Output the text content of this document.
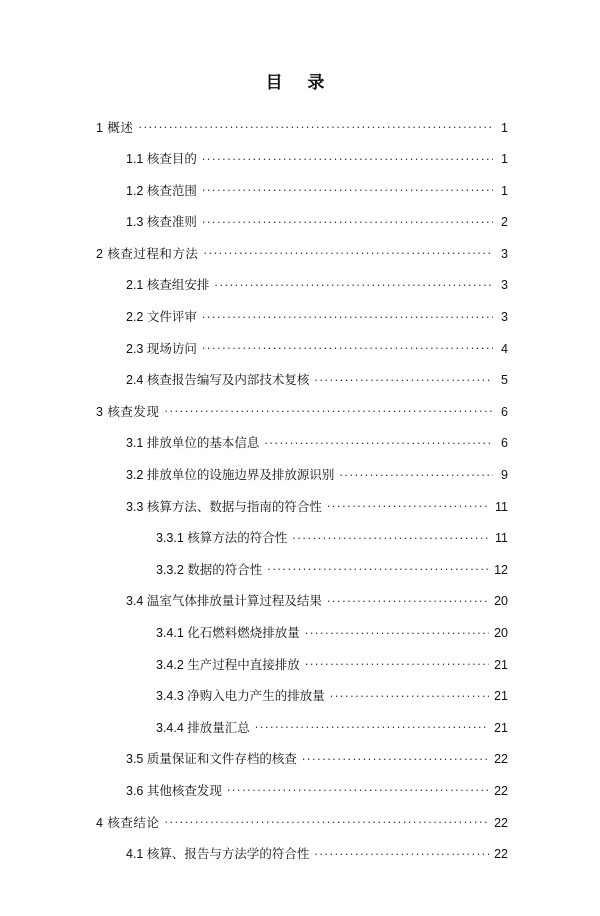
目 录
1 概述 .....	1
1.1 核查目的 .....	1
1.2 核查范围 .....	1
1.3 核查准则 .....	2
2 核查过程和方法 .....	3
2.1 核查组安排 .....	3
2.2 文件评审 .....	3
2.3 现场访问 .....	4
2.4 核查报告编写及内部技术复核 .....	5
3 核查发现 .....	6
3.1 排放单位的基本信息 .....	6
3.2 排放单位的设施边界及排放源识别 .....	9
3.3 核算方法、数据与指南的符合性 .....	11
3.3.1 核算方法的符合性 .....	11
3.3.2 数据的符合性 .....	12
3.4 温室气体排放量计算过程及结果 .....	20
3.4.1 化石燃料燃烧排放量 .....	20
3.4.2 生产过程中直接排放 .....	21
3.4.3 净购入电力产生的排放量 .....	21
3.4.4 排放量汇总 .....	21
3.5 质量保证和文件存档的核查 .....	22
3.6 其他核查发现 .....	22
4 核查结论 .....	22
4.1 核算、报告与方法学的符合性 .....	22
